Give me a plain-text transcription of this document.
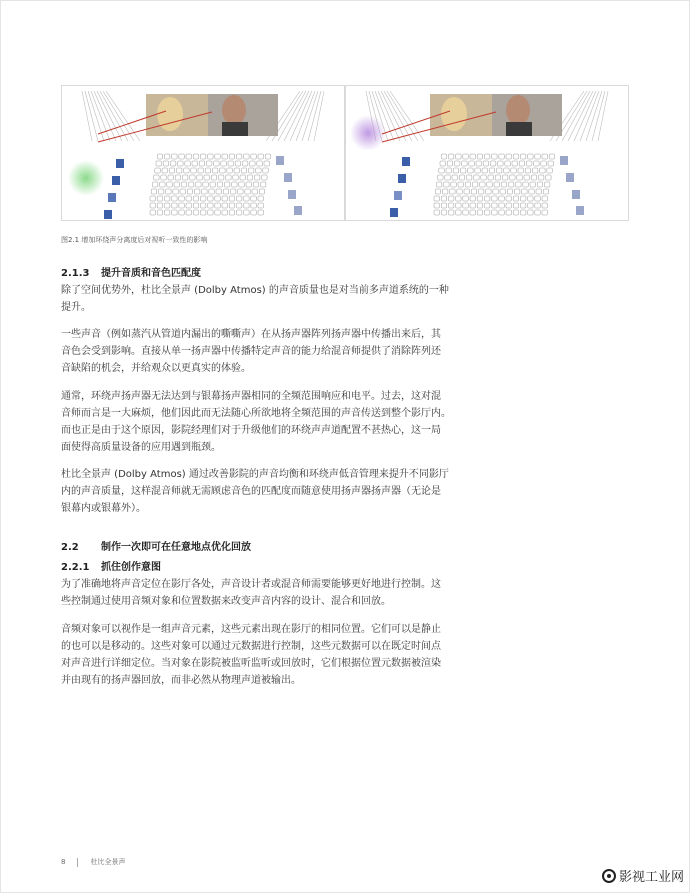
图2.1 增加环绕声分离度后对视听一致性的影响
2.1.3 提升音质和音色匹配度
除了空间优势外，杜比全景声 (Dolby Atmos) 的声音质量也是对当前多声道系统的一种
提升。
一些声音（例如蒸汽从管道内漏出的嘶嘶声）在从扬声器阵列扬声器中传播出来后，其
音色会受到影响。直接从单一扬声器中传播特定声音的能力给混音师提供了消除阵列还
音缺陷的机会，并给观众以更真实的体验。
通常，环绕声扬声器无法达到与银幕扬声器相同的全频范围响应和电平。过去，这对混
音师而言是一大麻烦，他们因此而无法随心所欲地将全频范围的声音传送到整个影厅内。
而也正是由于这个原因，影院经理们对于升级他们的环绕声声道配置不甚热心，这一局
面使得高质量设备的应用遇到瓶颈。
杜比全景声 (Dolby Atmos) 通过改善影院的声音均衡和环绕声低音管理来提升不同影厅
内的声音质量，这样混音师就无需顾虑音色的匹配度而随意使用扬声器扬声器（无论是
银幕内或银幕外）。
2.2 制作一次即可在任意地点优化回放
2.2.1 抓住创作意图
为了准确地将声音定位在影厅各处，声音设计者或混音师需要能够更好地进行控制。这
些控制通过使用音频对象和位置数据来改变声音内容的设计、混合和回放。
音频对象可以视作是一组声音元素，这些元素出现在影厅的相同位置。它们可以是静止
的也可以是移动的。这些对象可以通过元数据进行控制，这些元数据可以在既定时间点
对声音进行详细定位。当对象在影院被监听监听或回放时，它们根据位置元数据被渲染
并由现有的扬声器回放，而非必然从物理声道被输出。
8	杜比全景声
影视工业网
